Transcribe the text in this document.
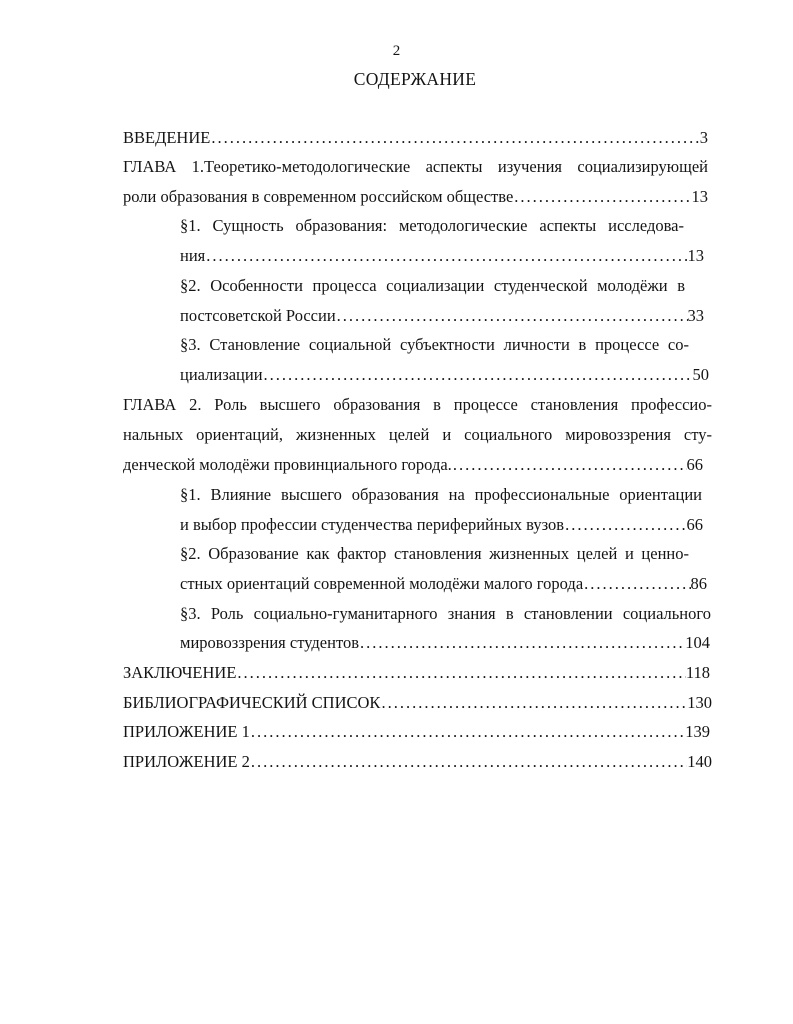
2
СОДЕРЖАНИЕ
ВВЕДЕНИЕ .....	3
ГЛАВА 1.Теоретико-методологические аспекты изучения социализирующей
роли образования в современном российском обществе .....	13
§1. Сущность образования: методологические аспекты исследова-
ния .....	13
§2. Особенности процесса социализации студенческой молодёжи в
постсоветской России .....	33
§3. Становление социальной субъектности личности в процессе со-
циализации .....	50
ГЛАВА 2. Роль высшего образования в процессе становления профессио-
нальных ориентаций, жизненных целей и социального мировоззрения сту-
денческой молодёжи провинциального города. .....	66
§1. Влияние высшего образования на профессиональные ориентации
и выбор профессии студенчества периферийных вузов .....	66
§2. Образование как фактор становления жизненных целей и ценно-
стных ориентаций современной молодёжи малого города .....	86
§3. Роль социально-гуманитарного знания в становлении социального
мировоззрения студентов .....	104
ЗАКЛЮЧЕНИЕ .....	118
БИБЛИОГРАФИЧЕСКИЙ СПИСОК .....	130
ПРИЛОЖЕНИЕ 1 .....	139
ПРИЛОЖЕНИЕ 2 .....	140
